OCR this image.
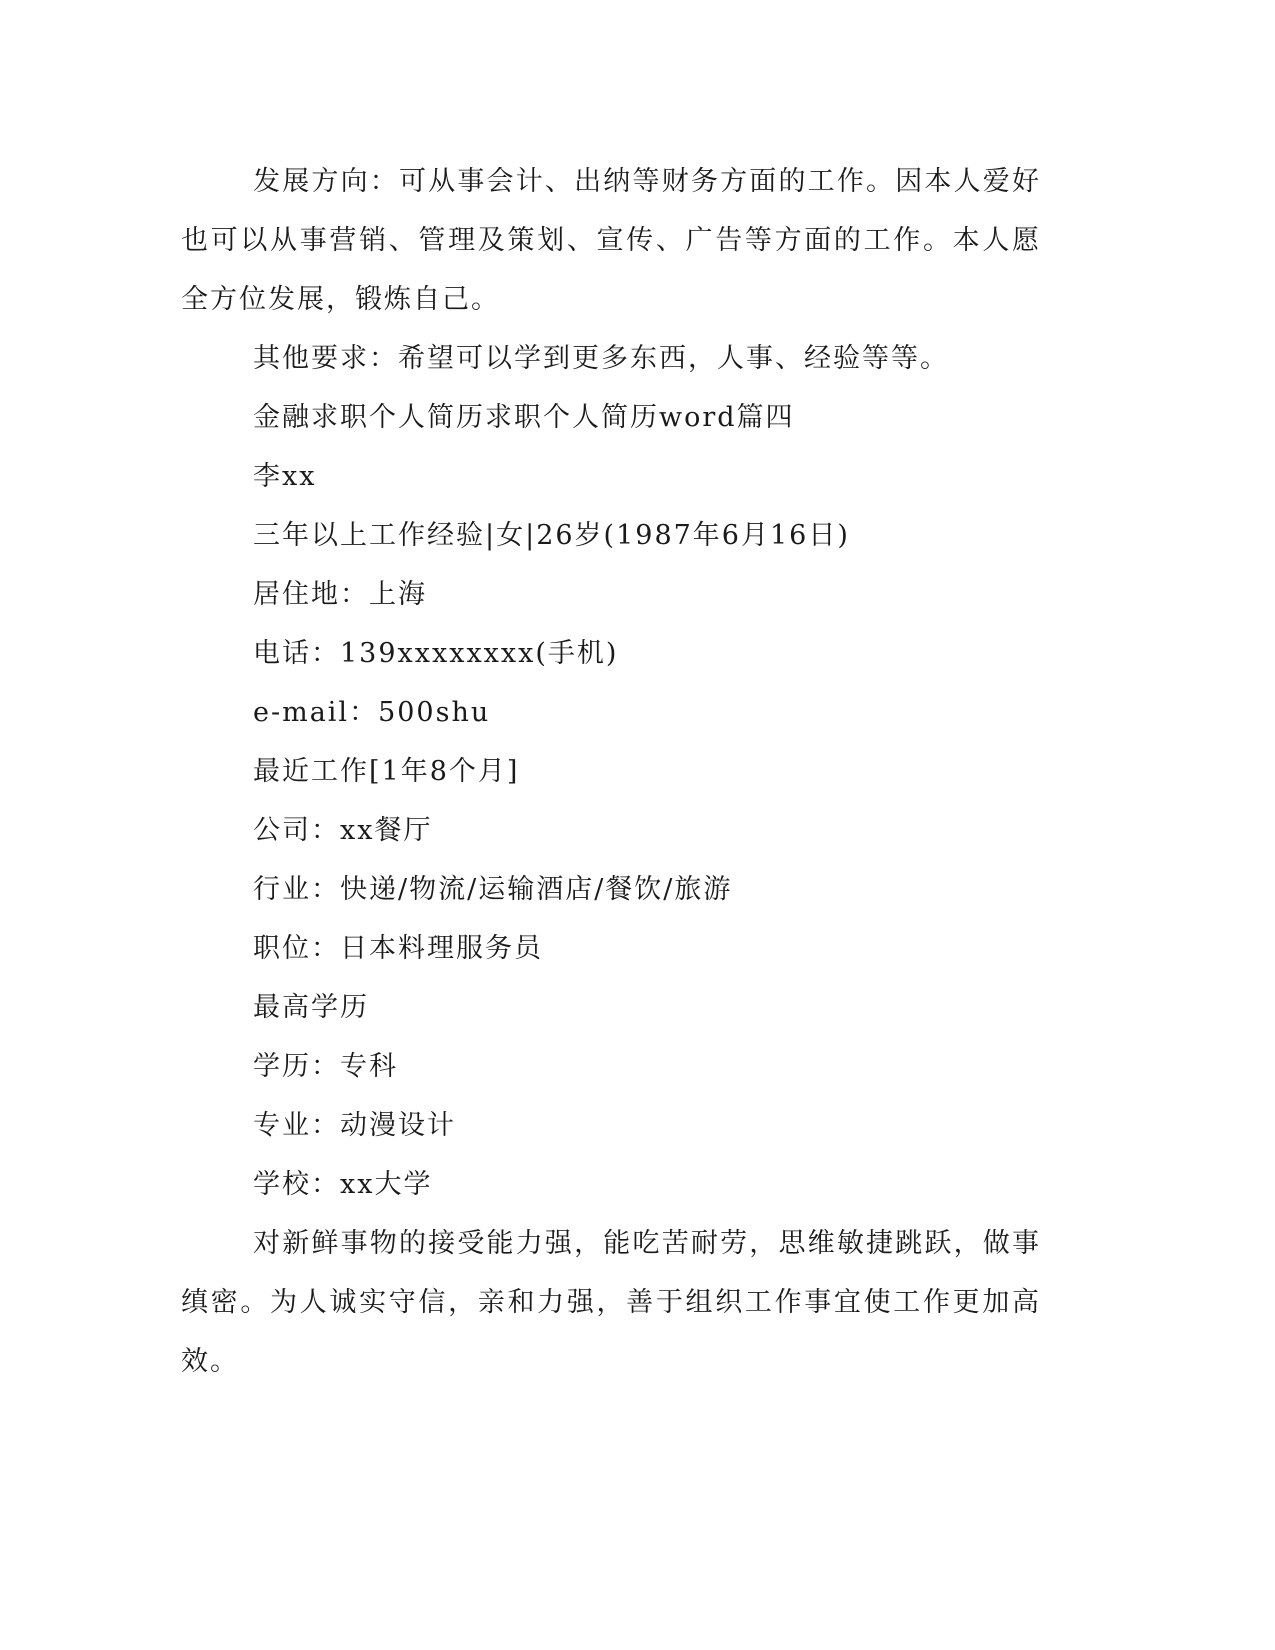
发展方向：可从事会计、出纳等财务方面的工作。因本人爱好也可以从事营销、管理及策划、宣传、广告等方面的工作。本人愿全方位发展，锻炼自己。

其他要求：希望可以学到更多东西，人事、经验等等。

金融求职个人简历求职个人简历word篇四

李xx

三年以上工作经验|女|26岁(1987年6月16日)

居住地：上海

电话：139xxxxxxxx(手机)

e-mail：500shu

最近工作[1年8个月]

公司：xx餐厅

行业：快递/物流/运输酒店/餐饮/旅游

职位：日本料理服务员

最高学历

学历：专科

专业：动漫设计

学校：xx大学

对新鲜事物的接受能力强，能吃苦耐劳，思维敏捷跳跃，做事缜密。为人诚实守信，亲和力强，善于组织工作事宜使工作更加高效。
